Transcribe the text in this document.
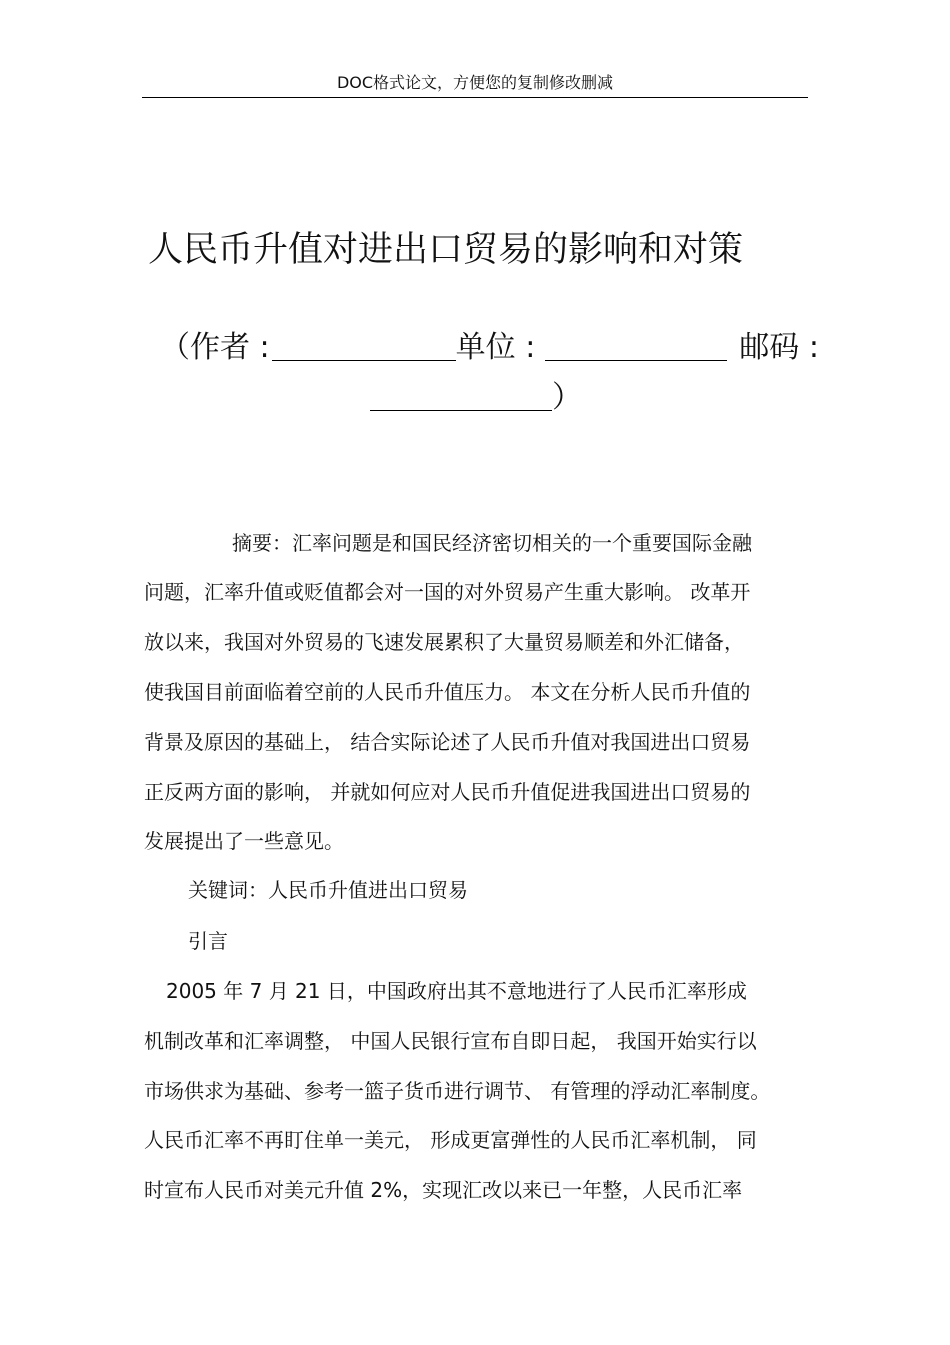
DOC格式论文，方便您的复制修改删减
人民币升值对进出口贸易的影响和对策
（作者 :	单位 :	邮码 :
）
摘要：汇率问题是和国民经济密切相关的一个重要国际金融
问题，汇率升值或贬值都会对一国的对外贸易产生重大影响。 改革开
放以来，我国对外贸易的飞速发展累积了大量贸易顺差和外汇储备，
使我国目前面临着空前的人民币升值压力。 本文在分析人民币升值的
背景及原因的基础上， 结合实际论述了人民币升值对我国进出口贸易
正反两方面的影响， 并就如何应对人民币升值促进我国进出口贸易的
发展提出了一些意见。
关键词：人民币升值进出口贸易
引言
2005 年 7 月 21 日，中国政府出其不意地进行了人民币汇率形成
机制改革和汇率调整， 中国人民银行宣布自即日起， 我国开始实行以
市场供求为基础、参考一篮子货币进行调节、 有管理的浮动汇率制度。
人民币汇率不再盯住单一美元， 形成更富弹性的人民币汇率机制， 同
时宣布人民币对美元升值 2%，实现汇改以来已一年整，人民币汇率
